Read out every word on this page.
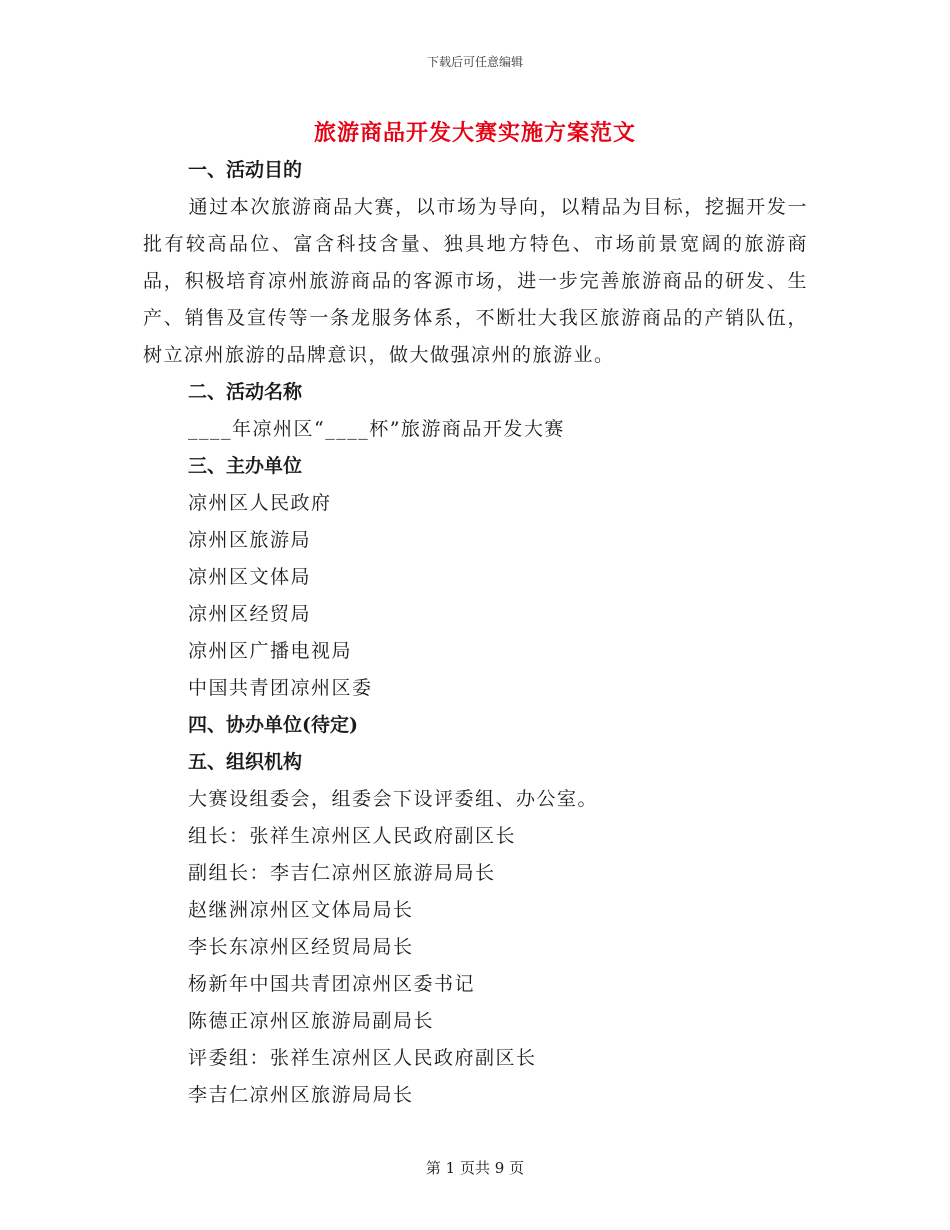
下载后可任意编辑
旅游商品开发大赛实施方案范文
一、活动目的

通过本次旅游商品大赛，以市场为导向，以精品为目标，挖掘开发一批有较高品位、富含科技含量、独具地方特色、市场前景宽阔的旅游商品，积极培育凉州旅游商品的客源市场，进一步完善旅游商品的研发、生产、销售及宣传等一条龙服务体系，不断壮大我区旅游商品的产销队伍，树立凉州旅游的品牌意识，做大做强凉州的旅游业。

二、活动名称
____年凉州区“____杯”旅游商品开发大赛
三、主办单位
凉州区人民政府
凉州区旅游局
凉州区文体局
凉州区经贸局
凉州区广播电视局
中国共青团凉州区委
四、协办单位(待定)
五、组织机构
大赛设组委会，组委会下设评委组、办公室。
组长：张祥生凉州区人民政府副区长
副组长：李吉仁凉州区旅游局局长
赵继洲凉州区文体局局长
李长东凉州区经贸局局长
杨新年中国共青团凉州区委书记
陈德正凉州区旅游局副局长
评委组：张祥生凉州区人民政府副区长
李吉仁凉州区旅游局局长
第 1 页共 9 页
